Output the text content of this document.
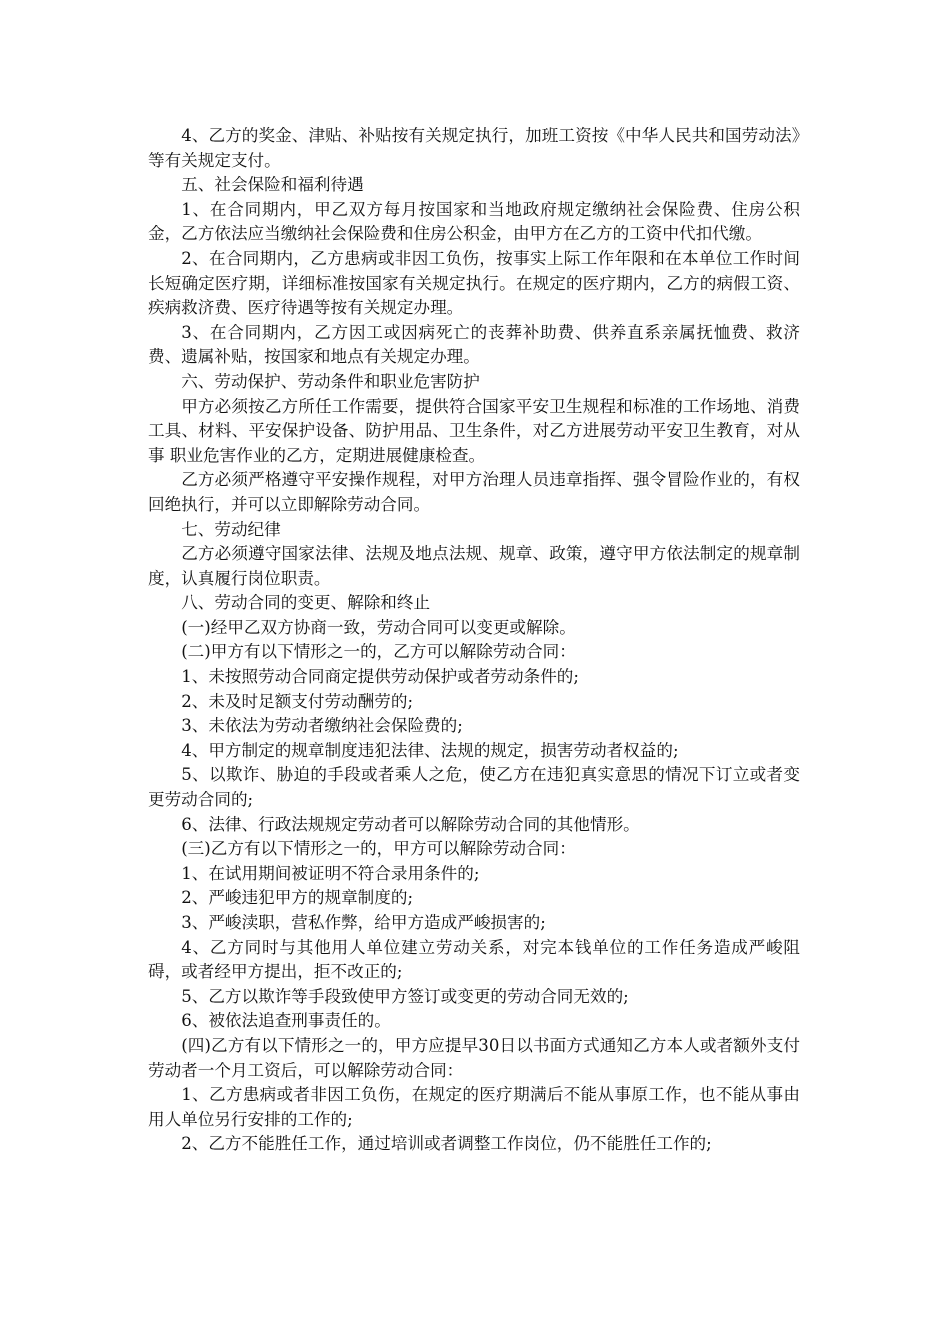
4、乙方的奖金、津贴、补贴按有关规定执行，加班工资按《中华人民共和国劳动法》等有关规定支付。

五、社会保险和福利待遇

1、在合同期内，甲乙双方每月按国家和当地政府规定缴纳社会保险费、住房公积金，乙方依法应当缴纳社会保险费和住房公积金，由甲方在乙方的工资中代扣代缴。

2、在合同期内，乙方患病或非因工负伤，按事实上际工作年限和在本单位工作时间长短确定医疗期，详细标准按国家有关规定执行。在规定的医疗期内，乙方的病假工资、疾病救济费、医疗待遇等按有关规定办理。

3、在合同期内，乙方因工或因病死亡的丧葬补助费、供养直系亲属抚恤费、救济费、遗属补贴，按国家和地点有关规定办理。

六、劳动保护、劳动条件和职业危害防护

甲方必须按乙方所任工作需要，提供符合国家平安卫生规程和标准的工作场地、消费工具、材料、平安保护设备、防护用品、卫生条件，对乙方进展劳动平安卫生教育，对从事 职业危害作业的乙方，定期进展健康检查。

乙方必须严格遵守平安操作规程，对甲方治理人员违章指挥、强令冒险作业的，有权回绝执行，并可以立即解除劳动合同。

七、劳动纪律

乙方必须遵守国家法律、法规及地点法规、规章、政策，遵守甲方依法制定的规章制度，认真履行岗位职责。

八、劳动合同的变更、解除和终止

(一)经甲乙双方协商一致，劳动合同可以变更或解除。

(二)甲方有以下情形之一的，乙方可以解除劳动合同：

1、未按照劳动合同商定提供劳动保护或者劳动条件的;

2、未及时足额支付劳动酬劳的;

3、未依法为劳动者缴纳社会保险费的;

4、甲方制定的规章制度违犯法律、法规的规定，损害劳动者权益的;

5、以欺诈、胁迫的手段或者乘人之危，使乙方在违犯真实意思的情况下订立或者变更劳动合同的;

6、法律、行政法规规定劳动者可以解除劳动合同的其他情形。

(三)乙方有以下情形之一的，甲方可以解除劳动合同：

1、在试用期间被证明不符合录用条件的;

2、严峻违犯甲方的规章制度的;

3、严峻渎职，营私作弊，给甲方造成严峻损害的;

4、乙方同时与其他用人单位建立劳动关系，对完本钱单位的工作任务造成严峻阻碍，或者经甲方提出，拒不改正的;

5、乙方以欺诈等手段致使甲方签订或变更的劳动合同无效的;

6、被依法追查刑事责任的。

(四)乙方有以下情形之一的，甲方应提早30日以书面方式通知乙方本人或者额外支付劳动者一个月工资后，可以解除劳动合同：

1、乙方患病或者非因工负伤，在规定的医疗期满后不能从事原工作，也不能从事由用人单位另行安排的工作的;

2、乙方不能胜任工作，通过培训或者调整工作岗位，仍不能胜任工作的;
